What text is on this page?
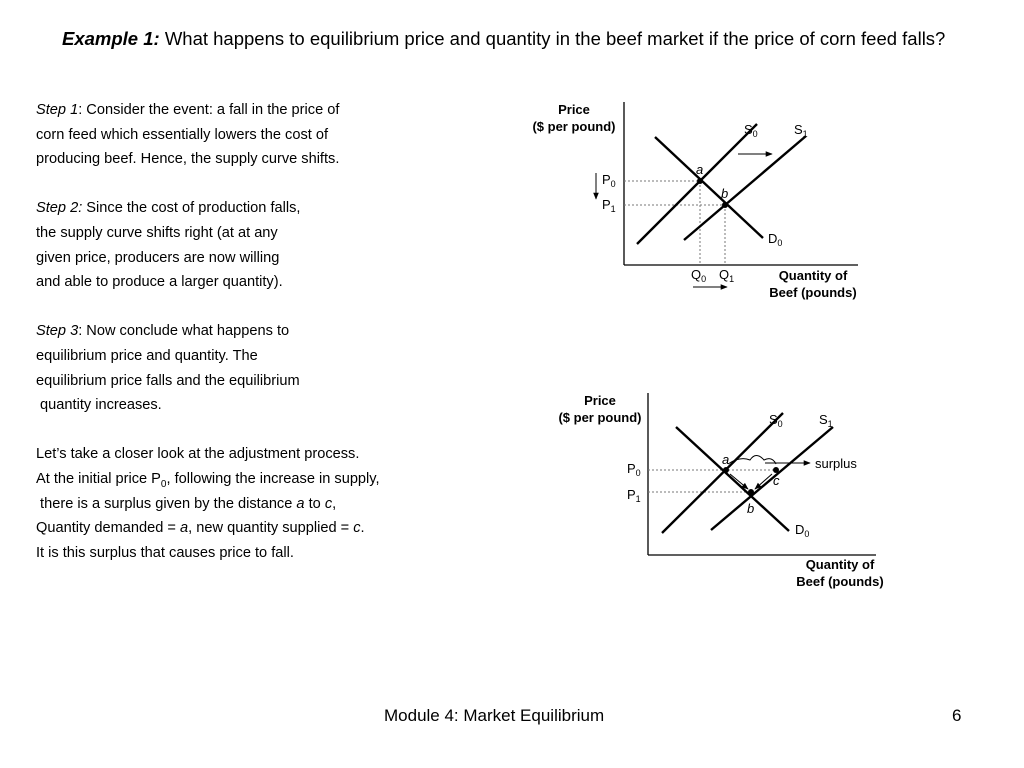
Example 1: What happens to equilibrium price and quantity in the beef market if the price of corn feed falls?

Step 1: Consider the event: a fall in the price of

corn feed which essentially lowers the cost of

producing beef. Hence, the supply curve shifts.

Step 2: Since the cost of production falls,

the supply curve shifts right (at at any

given price, producers are now willing

and able to produce a larger quantity).

Step 3: Now conclude what happens to

equilibrium price and quantity. The

equilibrium price falls and the equilibrium

quantity increases.

Let’s take a closer look at the adjustment process.

At the initial price $P_0$, following the increase in supply,

there is a surplus given by the distance a to c,

Quantity demanded = a, new quantity supplied = c.

It is this surplus that causes price to fall.

Price
($ per pound)
Quantity of
Beef (pounds)
a
b
$S_0$	$S_1$
$D_0$
$P_0$
$P_1$
$Q_0$ $Q_1$
Price
($ per pound)
Quantity of
Beef (pounds)
a
b
c
surplus
$S_0$	$S_1$
$D_0$
$P_0$
$P_1$
Module 4: Market Equilibrium	6
